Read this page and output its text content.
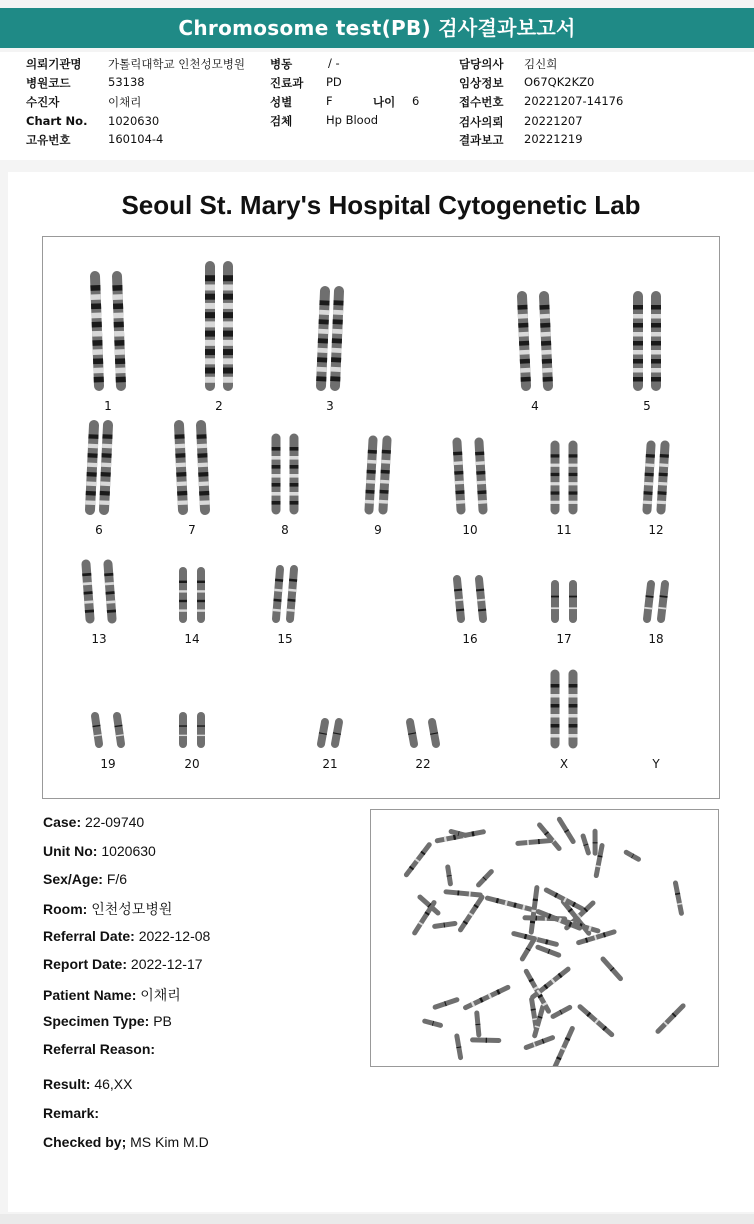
Chromosome test(PB) 검사결과보고서
의뢰기관명 가톨릭대학교 인천성모병원
병원코드	53138
수진자	이채리
Chart No. 1020630
고유번호	160104-4
병동	/ -
진료과 PD
성별	F	나이 6
검체	Hp Blood
담당의사 김신희
임상정보 O67QK2KZ0
접수번호 20221207-14176
검사의뢰 20221207
결과보고 20221219
Seoul St. Mary's Hospital Cytogenetic Lab
1	2	3	4	5
6	7	8	9	10	11	12
13	14	15	16	17	18
19	20	21	22	X	Y
Case: 22-09740
Unit No: 1020630
Sex/Age: F/6
Room: 인천성모병원
Referral Date: 2022-12-08
Report Date: 2022-12-17
Patient Name: 이채리
Specimen Type: PB
Referral Reason:
Result: 46,XX
Remark:
Checked by; MS Kim M.D
